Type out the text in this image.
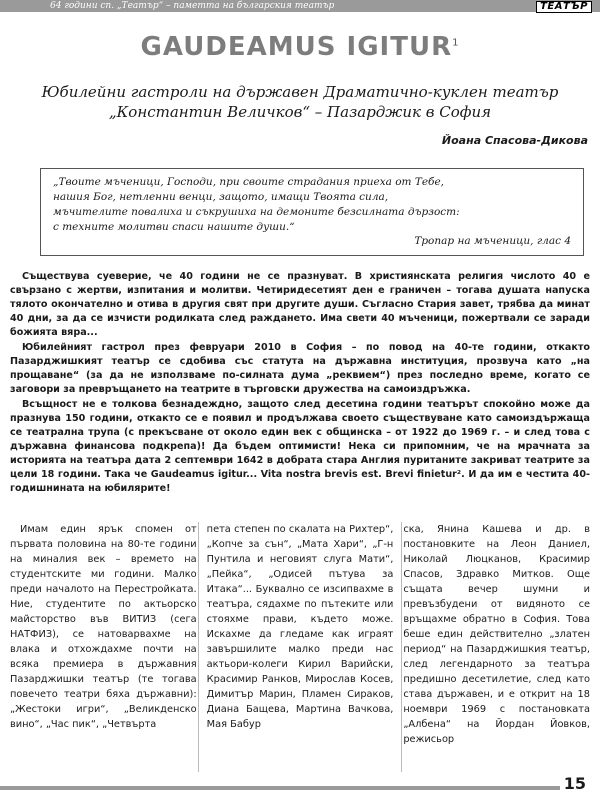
64 години сп. „Театър“ – паметта на българския театър	ТЕАТЪР
GAUDEAMUS IGITUR$^1$
Юбилейни гастроли на държавен Драматично-куклен театър
„Константин Величков“ – Пазарджик в София
Йоана Спасова-Дикова
„Твоите мъченици, Господи, при своите страдания приеха от Тебе,
нашия Бог, нетленни венци, защото, имащи Твоята сила,
мъчителите повалиха и съкрушиха на демоните безсилната дързост:
с техните молитви спаси нашите души.“
Тропар на мъченици, глас 4

Съществува суеверие, че 40 години не се празнуват. В християнската религия числото 40 е свързано с жертви, изпитания и молитви. Четиридесетият ден е граничен – тогава душата напуска тялото окончателно и отива в другия свят при другите души. Съгласно Стария завет, трябва да минат 40 дни, за да се изчисти родилката след раждането. Има свети 40 мъченици, пожертвали се заради божията вяра...

Юбилейният гастрол през февруари 2010 в София – по повод на 40-те години, откакто Пазарджишкият театър се сдобива със статута на държавна институция, прозвуча като „на прощаване“ (за да не използваме по-силната дума „реквием“) през последно време, когато се заговори за превръщането на театрите в търговски дружества на самоиздръжка.

Всъщност не е толкова безнадеждно, защото след десетина години театърът спокойно може да празнува 150 години, откакто се е появил и продължава своето съществуване като самоиздържаща се театрална трупа (с прекъсване от около един век с общинска – от 1922 до 1969 г. – и след това с държавна финансова подкрепа)! Да бъдем оптимисти! Нека си припомним, че на мрачната за историята на театъра дата 2 септември 1642 в добрата стара Англия пуританите закриват театрите за цели 18 години. Така че Gaudeamus igitur... Vita nostra brevis est. Brevi finietur². И да им е честита 40-годишнината на юбилярите!

Имам един ярък спомен от първата половина на 80-те години на миналия век – времето на студентските ми години. Малко преди началото на Перестройката. Ние, студентите по актьорско майсторство във ВИТИЗ (сега НАТФИЗ), се натоварвахме на влака и отхождахме почти на всяка премиера в държавния Пазарджишки театър (те тогава повечето театри бяха държавни): „Жестоки игри“, „Великденско вино“, „Час пик“, „Четвърта

пета степен по скалата на Рихтер“, „Копче за сън“, „Мата Хари“, „Г-н Пунтила и неговият слуга Мати“, „Пейка“, „Одисей пътува за Итака“... Буквално се изсипвахме в театъра, сядахме по пътеките или стояхме прави, където може. Искахме да гледаме как играят завършилите малко преди нас актьори-колеги Кирил Варийски, Красимир Ранков, Мирослав Косев, Димитър Марин, Пламен Сираков, Диана Бащева, Мартина Вачкова, Мая Бабур

ска, Янина Кашева и др. в постановките на Леон Даниел, Николай Люцканов, Красимир Спасов, Здравко Митков. Още същата вечер шумни и превъзбудени от видяното се връщахме обратно в София. Това беше един действително „златен период“ на Пазарджишкия театър, след легендарното за театъра предишно десетилетие, след като става държавен, и е открит на 18 ноември 1969 с постановката „Албена“ на Йордан Йовков, режисьор

15
